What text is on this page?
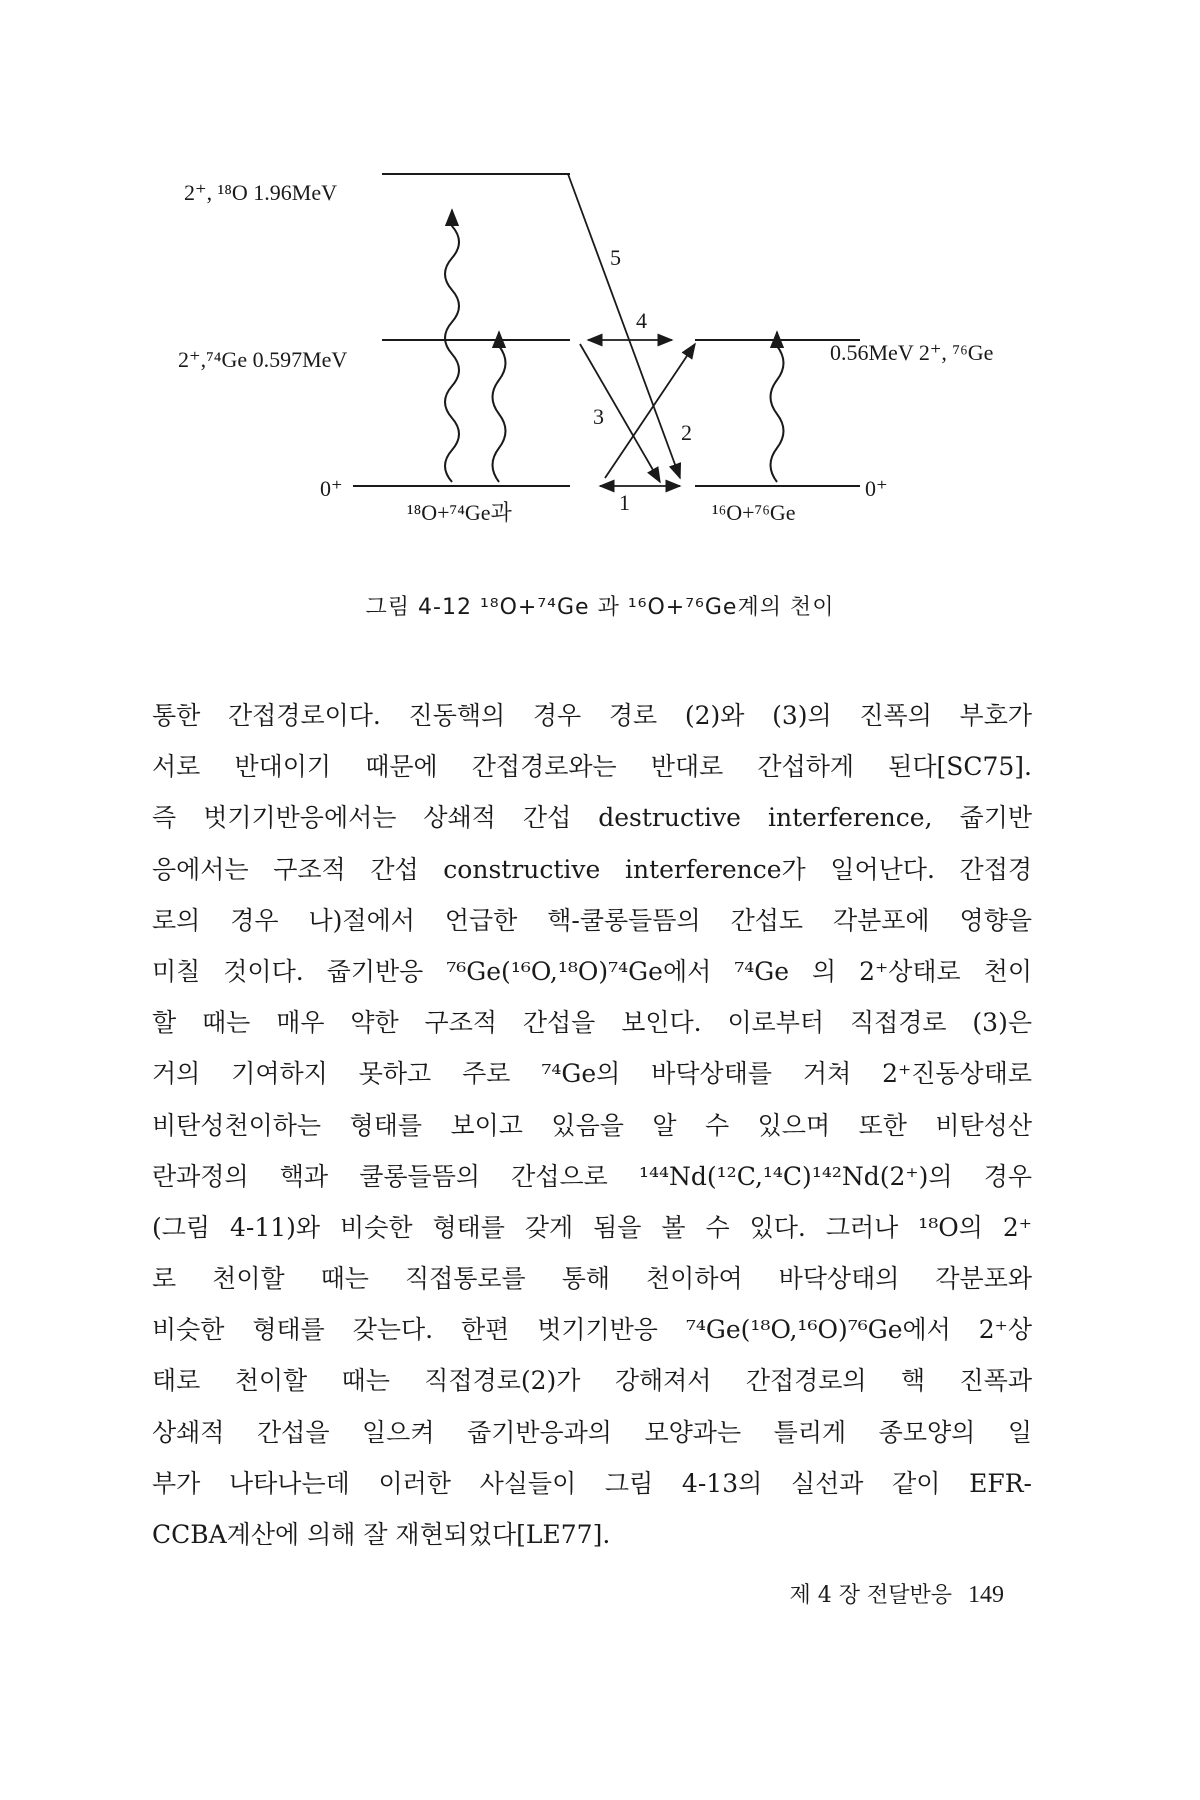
2⁺, ¹⁸O 1.96MeV
2⁺,⁷⁴Ge 0.597MeV	0.56MeV 2⁺, ⁷⁶Ge
0⁺	0⁺
¹⁸O+⁷⁴Ge과	¹⁶O+⁷⁶Ge
5
4
3
2
1
그림 4-12 ¹⁸O+⁷⁴Ge 과 ¹⁶O+⁷⁶Ge계의 천이
통한 간접경로이다. 진동핵의 경우 경로 (2)와 (3)의 진폭의 부호가
서로 반대이기 때문에 간접경로와는 반대로 간섭하게 된다[SC75].
즉 벗기기반응에서는 상쇄적 간섭 destructive interference, 줍기반
응에서는 구조적 간섭 constructive interference가 일어난다. 간접경
로의 경우 나)절에서 언급한 핵-쿨롱들뜸의 간섭도 각분포에 영향을
미칠 것이다. 줍기반응 ⁷⁶Ge(¹⁶O,¹⁸O)⁷⁴Ge에서 ⁷⁴Ge 의 2⁺상태로 천이
할 때는 매우 약한 구조적 간섭을 보인다. 이로부터 직접경로 (3)은
거의 기여하지 못하고 주로 ⁷⁴Ge의 바닥상태를 거쳐 2⁺진동상태로
비탄성천이하는 형태를 보이고 있음을 알 수 있으며 또한 비탄성산
란과정의 핵과 쿨롱들뜸의 간섭으로 ¹⁴⁴Nd(¹²C,¹⁴C)¹⁴²Nd(2⁺)의 경우
(그림 4-11)와 비슷한 형태를 갖게 됨을 볼 수 있다. 그러나 ¹⁸O의 2⁺
로 천이할 때는 직접통로를 통해 천이하여 바닥상태의 각분포와
비슷한 형태를 갖는다. 한편 벗기기반응 ⁷⁴Ge(¹⁸O,¹⁶O)⁷⁶Ge에서 2⁺상
태로 천이할 때는 직접경로(2)가 강해져서 간접경로의 핵 진폭과
상쇄적 간섭을 일으켜 줍기반응과의 모양과는 틀리게 종모양의 일
부가 나타나는데 이러한 사실들이 그림 4-13의 실선과 같이 EFR-
CCBA계산에 의해 잘 재현되었다[LE77].
제 4 장 전달반응 149
